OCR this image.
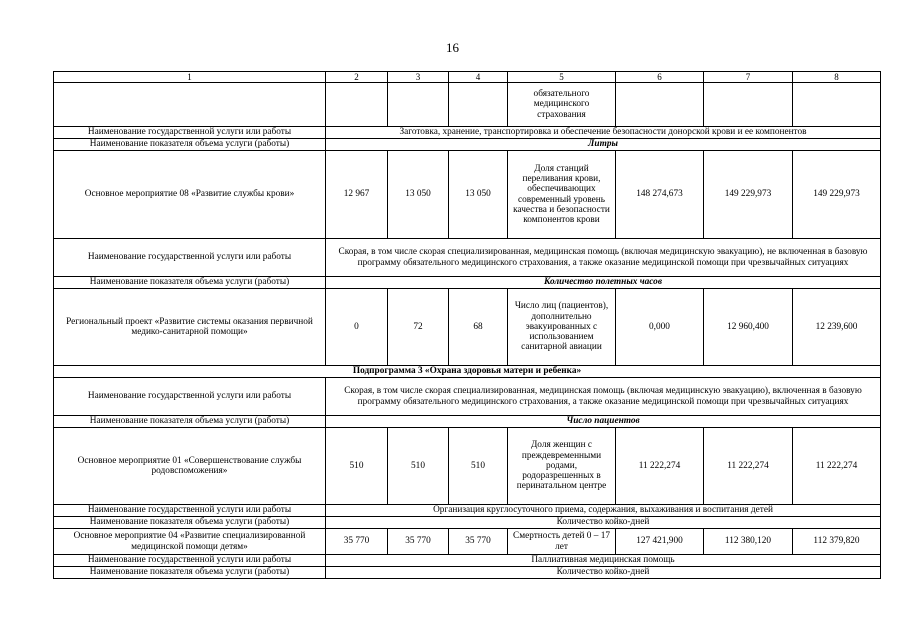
16
1	2	3	4	5	6	7	8
				обязательного медицинского страхования			
Наименование государственной услуги или работы	Заготовка, хранение, транспортировка и обеспечение безопасности донорской крови и ее компонентов						
Наименование показателя объема услуги (работы)	Литры						
Основное мероприятие 08 «Развитие службы крови»	12 967	13 050	13 050	Доля станций переливания крови, обеспечивающих современный уровень качества и безопасности компонентов крови	148 274,673	149 229,973	149 229,973
Наименование государственной услуги или работы	Скорая, в том числе скорая специализированная, медицинская помощь (включая медицинскую эвакуацию), не включенная в базовую программу обязательного медицинского страхования, а также оказание медицинской помощи при чрезвычайных ситуациях						
Наименование показателя объема услуги (работы)	Количество полетных часов						
Региональный проект «Развитие системы оказания первичной медико-санитарной помощи»	0	72	68	Число лиц (пациентов), дополнительно эвакуированных с использованием санитарной авиации	0,000	12 960,400	12 239,600
Подпрограмма 3 «Охрана здоровья матери и ребенка»							
Наименование государственной услуги или работы	Скорая, в том числе скорая специализированная, медицинская помощь (включая медицинскую эвакуацию), включенная в базовую программу обязательного медицинского страхования, а также оказание медицинской помощи при чрезвычайных ситуациях						
Наименование показателя объема услуги (работы)	Число пациентов						
Основное мероприятие 01 «Совершенствование службы родовспоможения»	510	510	510	Доля женщин с преждевременными родами, родоразрешенных в перинатальном центре	11 222,274	11 222,274	11 222,274
Наименование государственной услуги или работы	Организация круглосуточного приема, содержания, выхаживания и воспитания детей						
Наименование показателя объема услуги (работы)	Количество койко-дней						
Основное мероприятие 04 «Развитие специализированной медицинской помощи детям»	35 770	35 770	35 770	Смертность детей 0 – 17 лет	127 421,900	112 380,120	112 379,820
Наименование государственной услуги или работы	Паллиативная медицинская помощь						
Наименование показателя объема услуги (работы)	Количество койко-дней						
